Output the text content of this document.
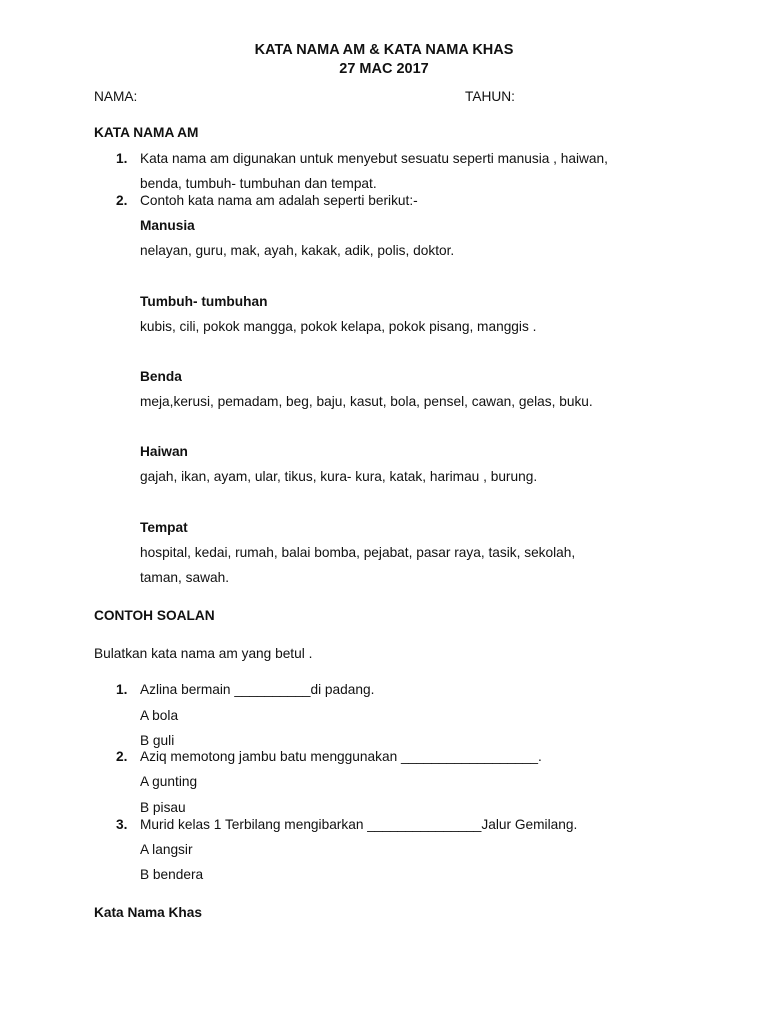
KATA NAMA AM & KATA NAMA KHAS
27 MAC 2017
NAMA:	TAHUN:
KATA NAMA AM
1. Kata nama am digunakan untuk menyebut sesuatu seperti manusia , haiwan,
benda, tumbuh- tumbuhan dan tempat.
2. Contoh kata nama am adalah seperti berikut:-
Manusia
nelayan, guru, mak, ayah, kakak, adik, polis, doktor.
Tumbuh- tumbuhan
kubis, cili, pokok mangga, pokok kelapa, pokok pisang, manggis .
Benda
meja,kerusi, pemadam, beg, baju, kasut, bola, pensel, cawan, gelas, buku.
Haiwan
gajah, ikan, ayam, ular, tikus, kura- kura, katak, harimau , burung.
Tempat
hospital, kedai, rumah, balai bomba, pejabat, pasar raya, tasik, sekolah,
taman, sawah.
CONTOH SOALAN
Bulatkan kata nama am yang betul .
1. Azlina bermain __________di padang.
A bola
B guli
2. Aziq memotong jambu batu menggunakan __________________.
A gunting
B pisau
3. Murid kelas 1 Terbilang mengibarkan _______________Jalur Gemilang.
A langsir
B bendera
Kata Nama Khas
